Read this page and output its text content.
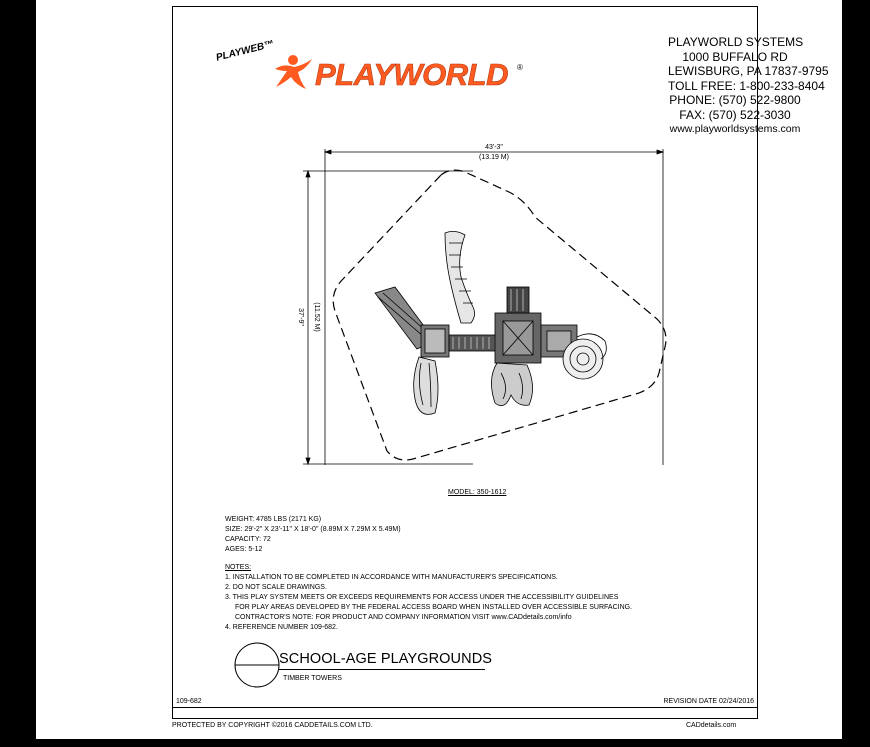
PLAYWEB™
PLAYWORLD ®
PLAYWORLD SYSTEMS
1000 BUFFALO RD
LEWISBURG, PA 17837-9795
TOLL FREE: 1-800-233-8404
PHONE: (570) 522-9800
FAX: (570) 522-3030
www.playworldsystems.com
43'-3"
(13.19 M)
37'-9" (11.52 M)
MODEL: 350-1612
WEIGHT: 4785 LBS (2171 KG)
SIZE: 29'-2" X 23'-11" X 18'-0" (8.89M X 7.29M X 5.49M)
CAPACITY: 72
AGES: 5-12
NOTES:
1. INSTALLATION TO BE COMPLETED IN ACCORDANCE WITH MANUFACTURER'S SPECIFICATIONS.
2. DO NOT SCALE DRAWINGS.
3. THIS PLAY SYSTEM MEETS OR EXCEEDS REQUIREMENTS FOR ACCESS UNDER THE ACCESSIBILITY GUIDELINES
FOR PLAY AREAS DEVELOPED BY THE FEDERAL ACCESS BOARD WHEN INSTALLED OVER ACCESSIBLE SURFACING.
CONTRACTOR'S NOTE: FOR PRODUCT AND COMPANY INFORMATION VISIT www.CADdetails.com/info
4. REFERENCE NUMBER 109-682.
SCHOOL-AGE PLAYGROUNDS
TIMBER TOWERS
109-682	REVISION DATE 02/24/2016
PROTECTED BY COPYRIGHT ©2016 CADDETAILS.COM LTD.	CADdetails.com
